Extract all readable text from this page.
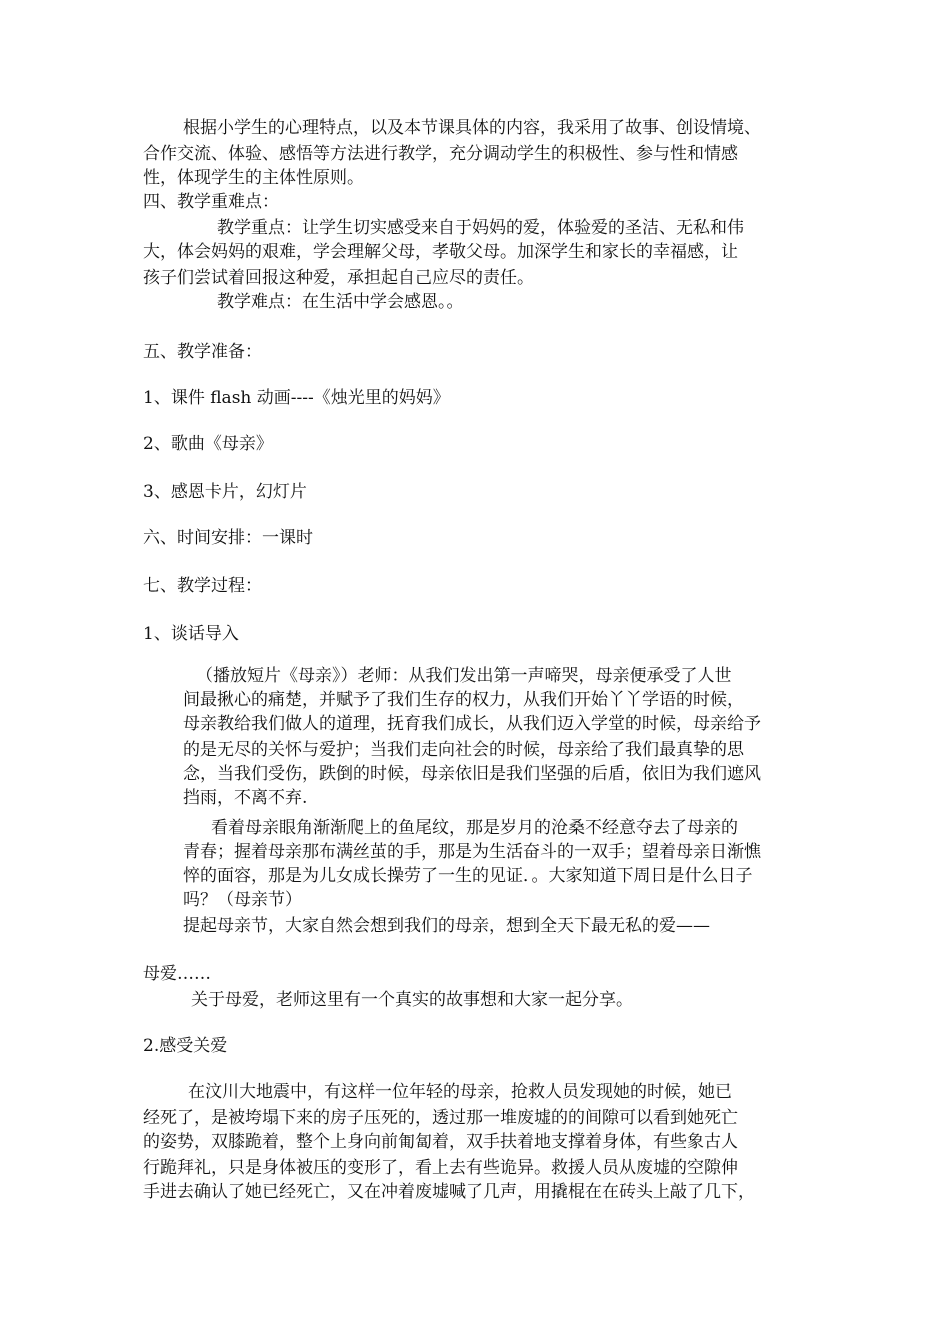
根据小学生的心理特点，以及本节课具体的内容，我采用了故事、创设情境、

合作交流、体验、感悟等方法进行教学，充分调动学生的积极性、参与性和情感

性，体现学生的主体性原则。

四、教学重难点：

教学重点：让学生切实感受来自于妈妈的爱，体验爱的圣洁、无私和伟

大，体会妈妈的艰难，学会理解父母，孝敬父母。加深学生和家长的幸福感，让

孩子们尝试着回报这种爱，承担起自己应尽的责任。

教学难点：在生活中学会感恩。。

五、教学准备：

1、课件 flash 动画----《烛光里的妈妈》

2、歌曲《母亲》

3、感恩卡片，幻灯片

六、时间安排：一课时

七、教学过程：

1、谈话导入

（播放短片《母亲》）老师：从我们发出第一声啼哭，母亲便承受了人世

间最揪心的痛楚，并赋予了我们生存的权力，从我们开始丫丫学语的时候，

母亲教给我们做人的道理，抚育我们成长，从我们迈入学堂的时候，母亲给予

的是无尽的关怀与爱护；当我们走向社会的时候，母亲给了我们最真挚的思

念，当我们受伤，跌倒的时候，母亲依旧是我们坚强的后盾，依旧为我们遮风

挡雨，不离不弃.

看着母亲眼角渐渐爬上的鱼尾纹，那是岁月的沧桑不经意夺去了母亲的

青春；握着母亲那布满丝茧的手，那是为生活奋斗的一双手；望着母亲日渐憔

悴的面容，那是为儿女成长操劳了一生的见证．。大家知道下周日是什么日子

吗？（母亲节）

提起母亲节，大家自然会想到我们的母亲，想到全天下最无私的爱——

母爱……

关于母爱，老师这里有一个真实的故事想和大家一起分享。

2.感受关爱

在汶川大地震中，有这样一位年轻的母亲，抢救人员发现她的时候，她已

经死了，是被垮塌下来的房子压死的，透过那一堆废墟的的间隙可以看到她死亡

的姿势，双膝跪着，整个上身向前匍匐着，双手扶着地支撑着身体，有些象古人

行跪拜礼，只是身体被压的变形了，看上去有些诡异。救援人员从废墟的空隙伸

手进去确认了她已经死亡，又在冲着废墟喊了几声，用撬棍在在砖头上敲了几下，
